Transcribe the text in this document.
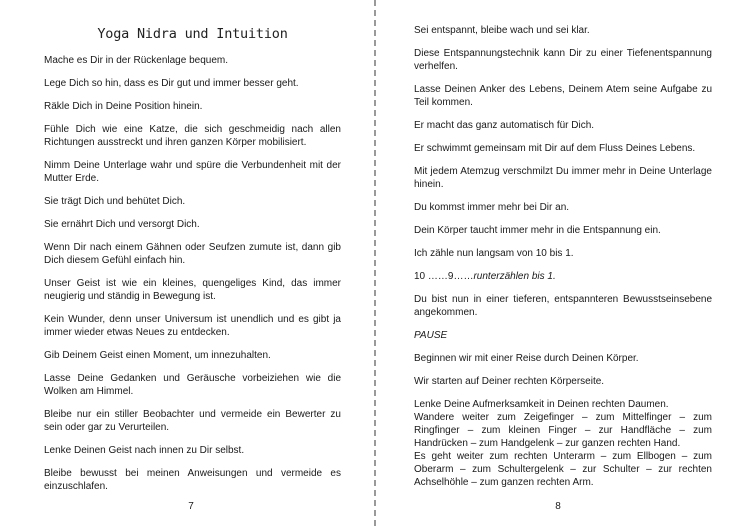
Yoga Nidra und Intuition

Mache es Dir in der Rückenlage bequem.

Lege Dich so hin, dass es Dir gut und immer besser geht.

Räkle Dich in Deine Position hinein.

Fühle Dich wie eine Katze, die sich geschmeidig nach allen Richtungen ausstreckt und ihren ganzen Körper mobilisiert.

Nimm Deine Unterlage wahr und spüre die Verbundenheit mit der Mutter Erde.

Sie trägt Dich und behütet Dich.

Sie ernährt Dich und versorgt Dich.

Wenn Dir nach einem Gähnen oder Seufzen zumute ist, dann gib Dich diesem Gefühl einfach hin.

Unser Geist ist wie ein kleines, quengeliges Kind, das immer neugierig und ständig in Bewegung ist.

Kein Wunder, denn unser Universum ist unendlich und es gibt ja immer wieder etwas Neues zu entdecken.

Gib Deinem Geist einen Moment, um innezuhalten.

Lasse Deine Gedanken und Geräusche vorbeiziehen wie die Wolken am Himmel.

Bleibe nur ein stiller Beobachter und vermeide ein Bewerter zu sein oder gar zu Verurteilen.

Lenke Deinen Geist nach innen zu Dir selbst.

Bleibe bewusst bei meinen Anweisungen und vermeide es einzuschlafen.

7

Sei entspannt, bleibe wach und sei klar.

Diese Entspannungstechnik kann Dir zu einer Tiefenentspannung verhelfen.

Lasse Deinen Anker des Lebens, Deinem Atem seine Aufgabe zu Teil kommen.

Er macht das ganz automatisch für Dich.

Er schwimmt gemeinsam mit Dir auf dem Fluss Deines Lebens.

Mit jedem Atemzug verschmilzt Du immer mehr in Deine Unterlage hinein.

Du kommst immer mehr bei Dir an.

Dein Körper taucht immer mehr in die Entspannung ein.

Ich zähle nun langsam von 10 bis 1.

10 ……9……runterzählen bis 1.

Du bist nun in einer tieferen, entspannteren Bewusstseinsebene angekommen.

PAUSE

Beginnen wir mit einer Reise durch Deinen Körper.

Wir starten auf Deiner rechten Körperseite.

Lenke Deine Aufmerksamkeit in Deinen rechten Daumen.

Wandere weiter zum Zeigefinger – zum Mittelfinger – zum Ringfinger – zum kleinen Finger – zur Handfläche – zum Handrücken – zum Handgelenk – zur ganzen rechten Hand.

Es geht weiter zum rechten Unterarm – zum Ellbogen – zum Oberarm – zum Schultergelenk – zur Schulter – zur rechten Achselhöhle – zum ganzen rechten Arm.

8
